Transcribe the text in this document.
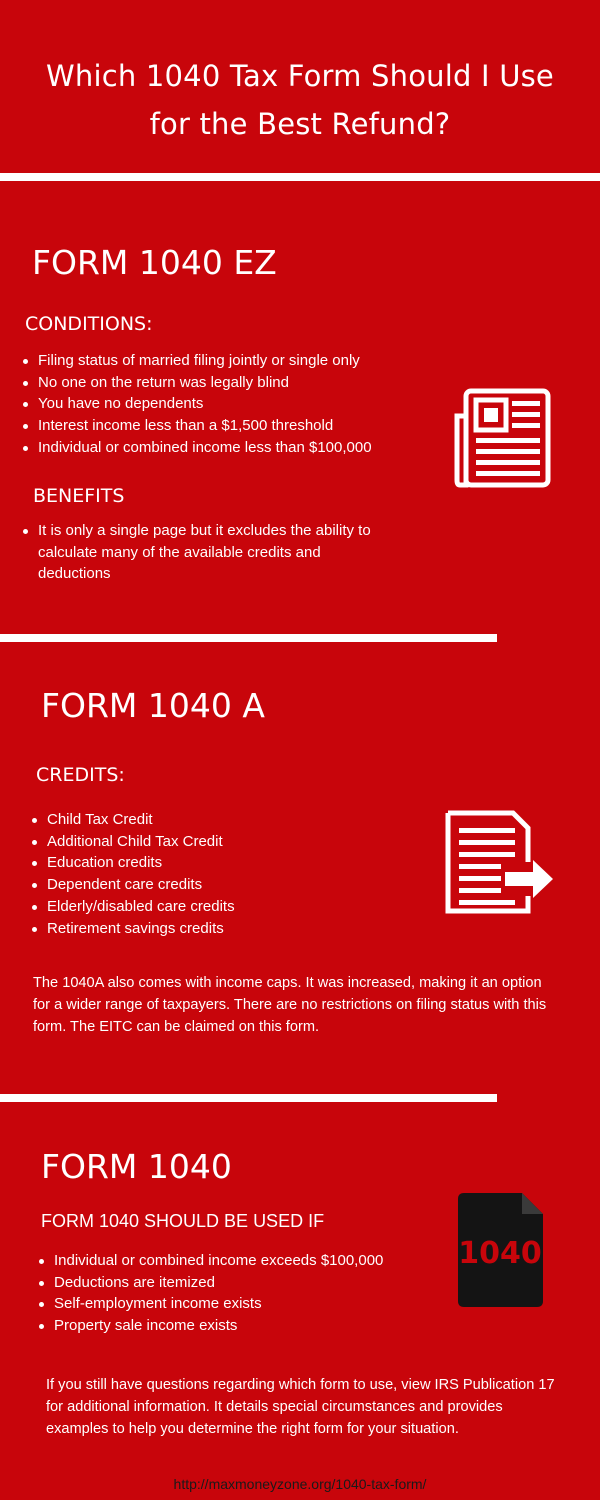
Which 1040 Tax Form Should I Use
for the Best Refund?
FORM 1040 EZ
CONDITIONS:
Filing status of married filing jointly or single only
No one on the return was legally blind
You have no dependents
Interest income less than a $1,500 threshold
Individual or combined income less than $100,000
BENEFITS
It is only a single page but it excludes the ability to calculate many of the available credits and deductions
FORM 1040 A
CREDITS:
Child Tax Credit
Additional Child Tax Credit
Education credits
Dependent care credits
Elderly/disabled care credits
Retirement savings credits

The 1040A also comes with income caps. It was increased, making it an option for a wider range of taxpayers. There are no restrictions on filing status with this form. The EITC can be claimed on this form.

FORM 1040
FORM 1040 SHOULD BE USED IF
Individual or combined income exceeds $100,000
Deductions are itemized
Self-employment income exists
Property sale income exists
1040

If you still have questions regarding which form to use, view IRS Publication 17 for additional information. It details special circumstances and provides examples to help you determine the right form for your situation.

http://maxmoneyzone.org/1040-tax-form/
